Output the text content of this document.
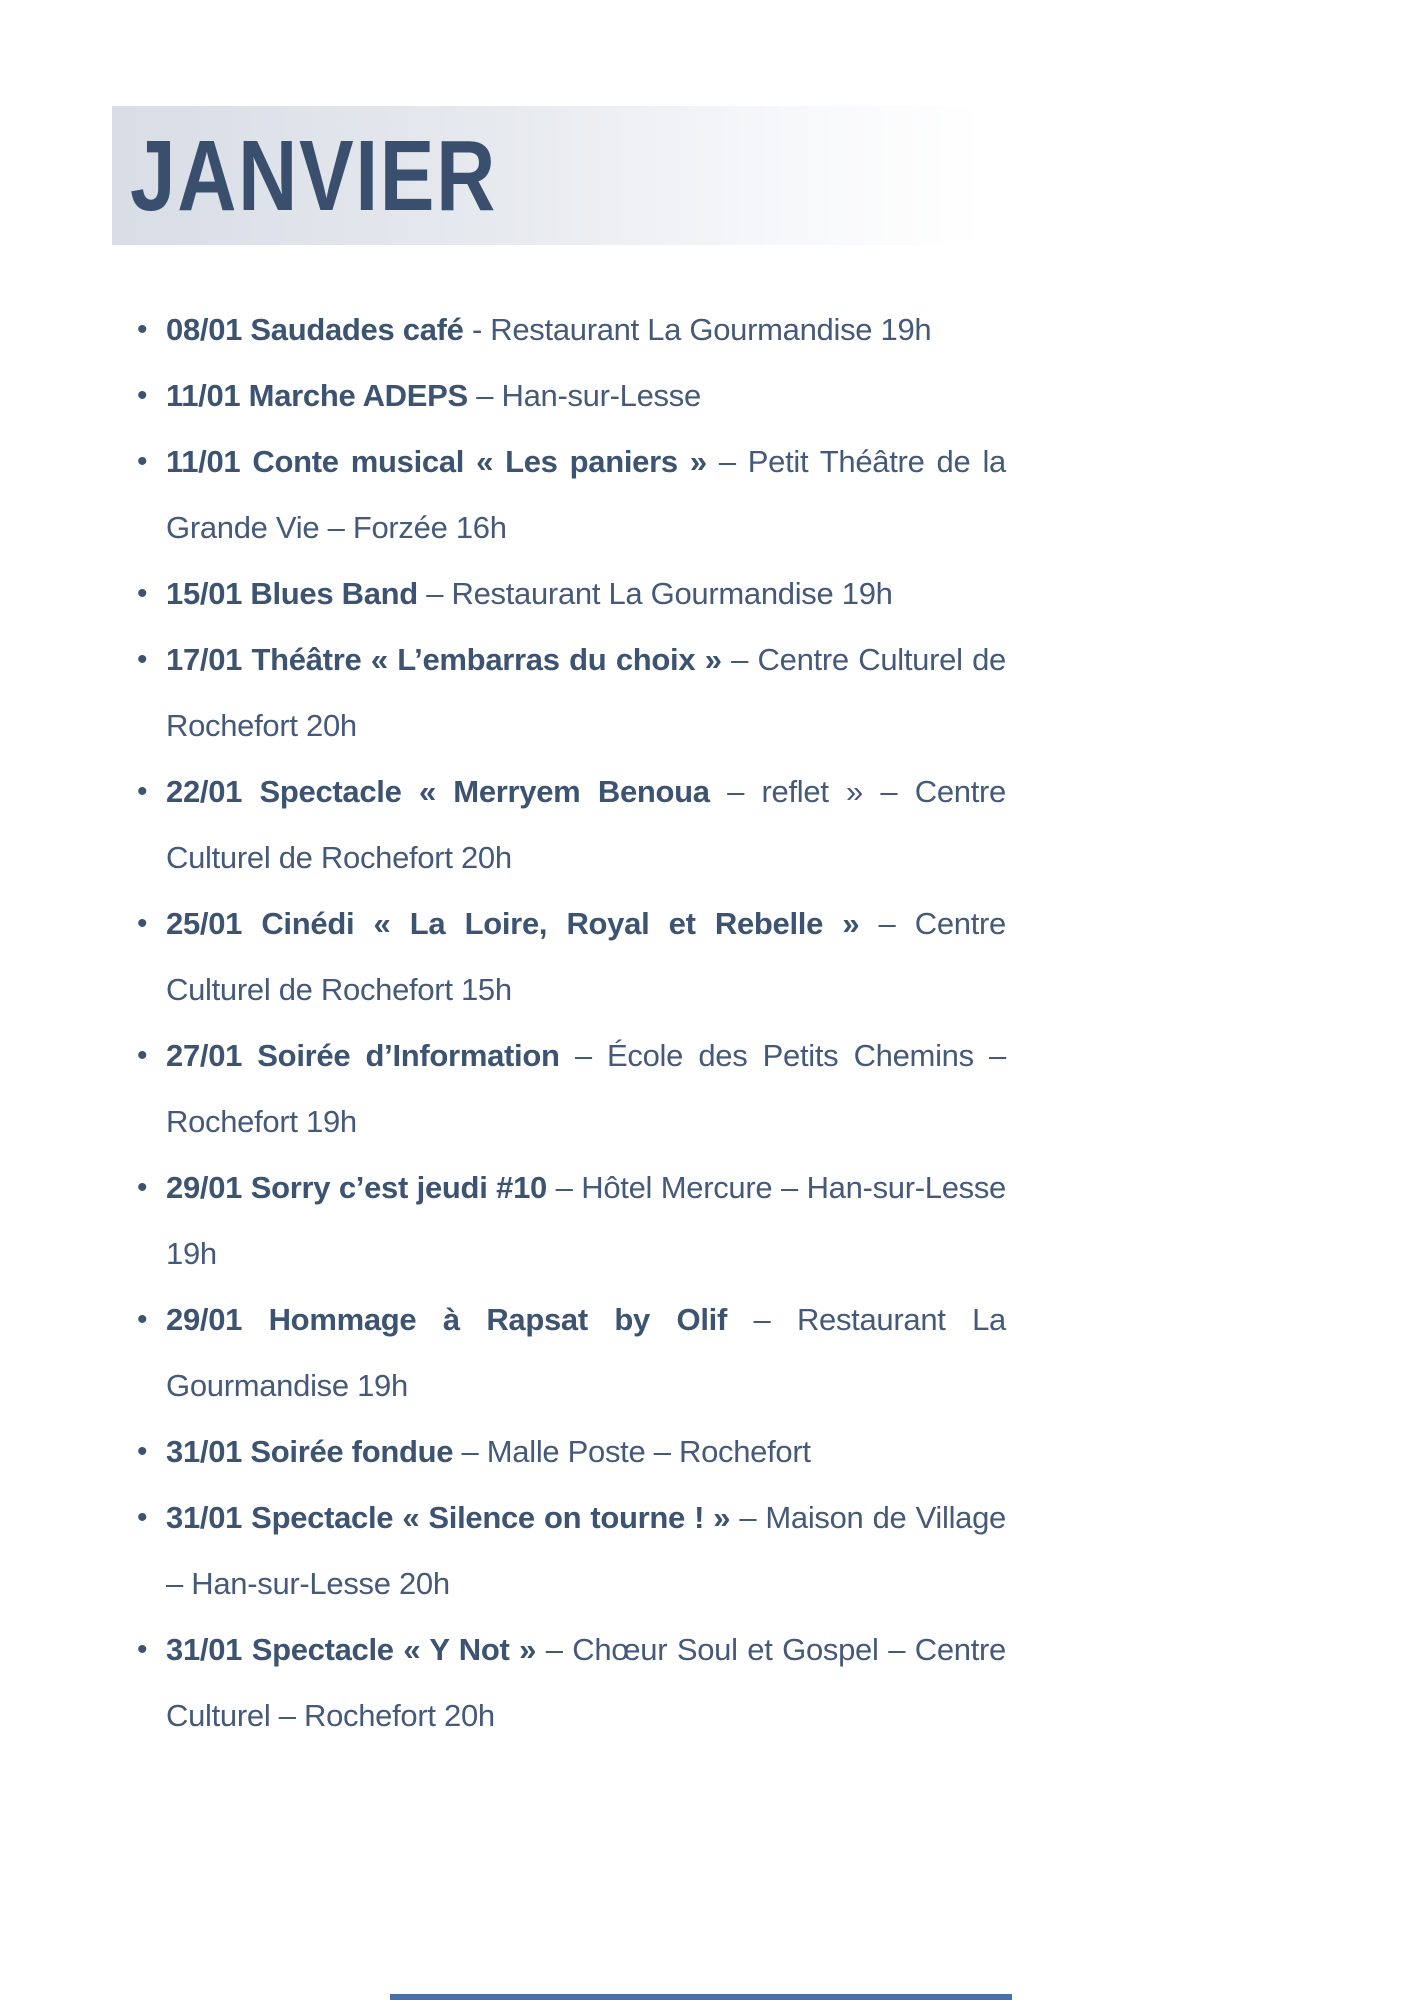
JANVIER
• 08/01 Saudades café - Restaurant La Gourmandise 19h
• 11/01 Marche ADEPS – Han-sur-Lesse
• 11/01 Conte musical « Les paniers » – Petit Théâtre de la Grande Vie – Forzée 16h
• 15/01 Blues Band – Restaurant La Gourmandise 19h
• 17/01 Théâtre « L’embarras du choix » – Centre Culturel de Rochefort 20h
• 22/01 Spectacle « Merryem Benoua – reflet » – Centre Culturel de Rochefort 20h
• 25/01 Cinédi « La Loire, Royal et Rebelle » – Centre Culturel de Rochefort 15h
• 27/01 Soirée d’Information – École des Petits Chemins – Rochefort 19h
• 29/01 Sorry c’est jeudi #10 – Hôtel Mercure – Han-sur-Lesse 19h
• 29/01 Hommage à Rapsat by Olif – Restaurant La Gourmandise 19h
• 31/01 Soirée fondue – Malle Poste – Rochefort
• 31/01 Spectacle « Silence on tourne ! » – Maison de Village – Han-sur-Lesse 20h
• 31/01 Spectacle « Y Not » – Chœur Soul et Gospel – Centre Culturel – Rochefort 20h
